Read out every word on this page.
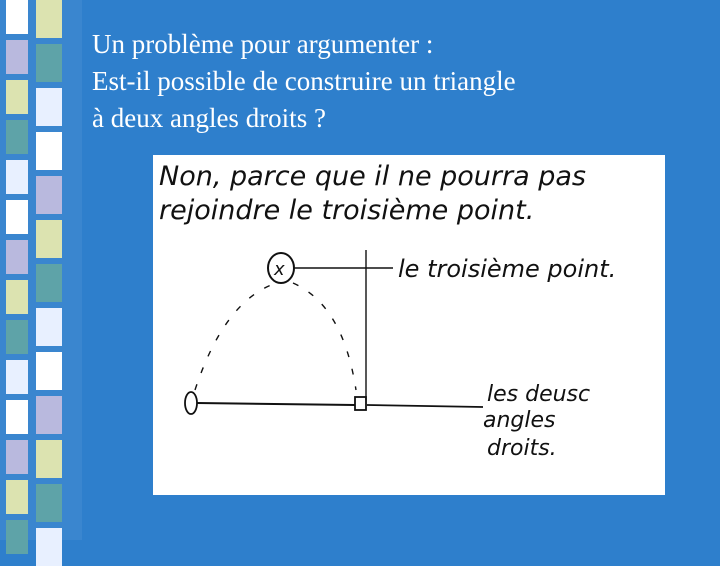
Un problème pour argumenter :
Est-il possible de construire un triangle
à deux angles droits ?
Non, parce que il ne pourra pas
rejoindre le troisième point.
x	le troisième point.
les deusc
angles
droits.
